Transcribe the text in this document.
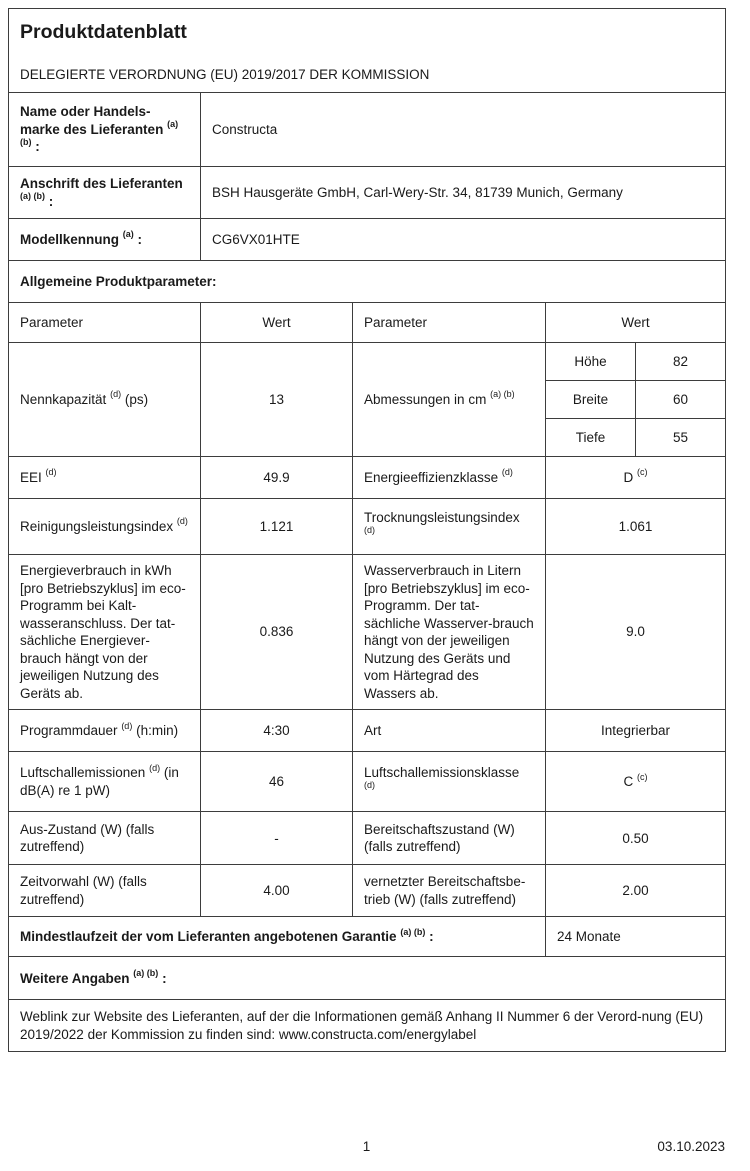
Produktdatenblatt
DELEGIERTE VERORDNUNG (EU) 2019/2017 DER KOMMISSION				

Name oder Handels-marke des Lieferanten $^{(a) (b)}$ :	Constructa			
Anschrift des Lieferanten $^{(a) (b)}$ :	BSH Hausgeräte GmbH, Carl-Wery-Str. 34, 81739 Munich, Germany			
Modellkennung $^{(a)}$ :	CG6VX01HTE			
Allgemeine Produktparameter:				
Parameter	Wert	Parameter	Wert	
Nennkapazität $^{(d)}$ (ps)	13	Abmessungen in cm $^{(a) (b)}$	Höhe	82
			Breite	60
			Tiefe	55
EEI $^{(d)}$	49.9	Energieeffizienzklasse $^{(d)}$	D $^{(c)}$
Reinigungsleistungsindex $^{(d)}$	1.121	Trocknungsleistungsindex $^{(d)}$	1.061	
Energieverbrauch in kWh [pro Betriebszyklus] im eco-Programm bei Kalt-wasseranschluss. Der tat-sächliche Energiever-brauch hängt von der jeweiligen Nutzung des Geräts ab.	0.836	Wasserverbrauch in Litern [pro Betriebszyklus] im eco-Programm. Der tat-sächliche Wasserver-brauch hängt von der jeweiligen Nutzung des Geräts und vom Härtegrad des Wassers ab.	9.0	
Programmdauer $^{(d)}$ (h:min)	4:30	Art	Integrierbar	
Luftschallemissionen $^{(d)}$ (in dB(A) re 1 pW)	46	Luftschallemissionsklasse $^{(d)}$	C $^{(c)}$
Aus-Zustand (W) (falls zutreffend)	-	Bereitschaftszustand (W) (falls zutreffend)	0.50	
Zeitvorwahl (W) (falls zutreffend)	4.00	vernetzter Bereitschaftsbe-trieb (W) (falls zutreffend)	2.00	
Mindestlaufzeit der vom Lieferanten angebotenen Garantie $^{(a) (b)}$ :			24 Monate	
Weitere Angaben $^{(a) (b)}$ :				
Weblink zur Website des Lieferanten, auf der die Informationen gemäß Anhang II Nummer 6 der Verord-nung (EU) 2019/2022 der Kommission zu finden sind: www.constructa.com/energylabel				
1	03.10.2023
